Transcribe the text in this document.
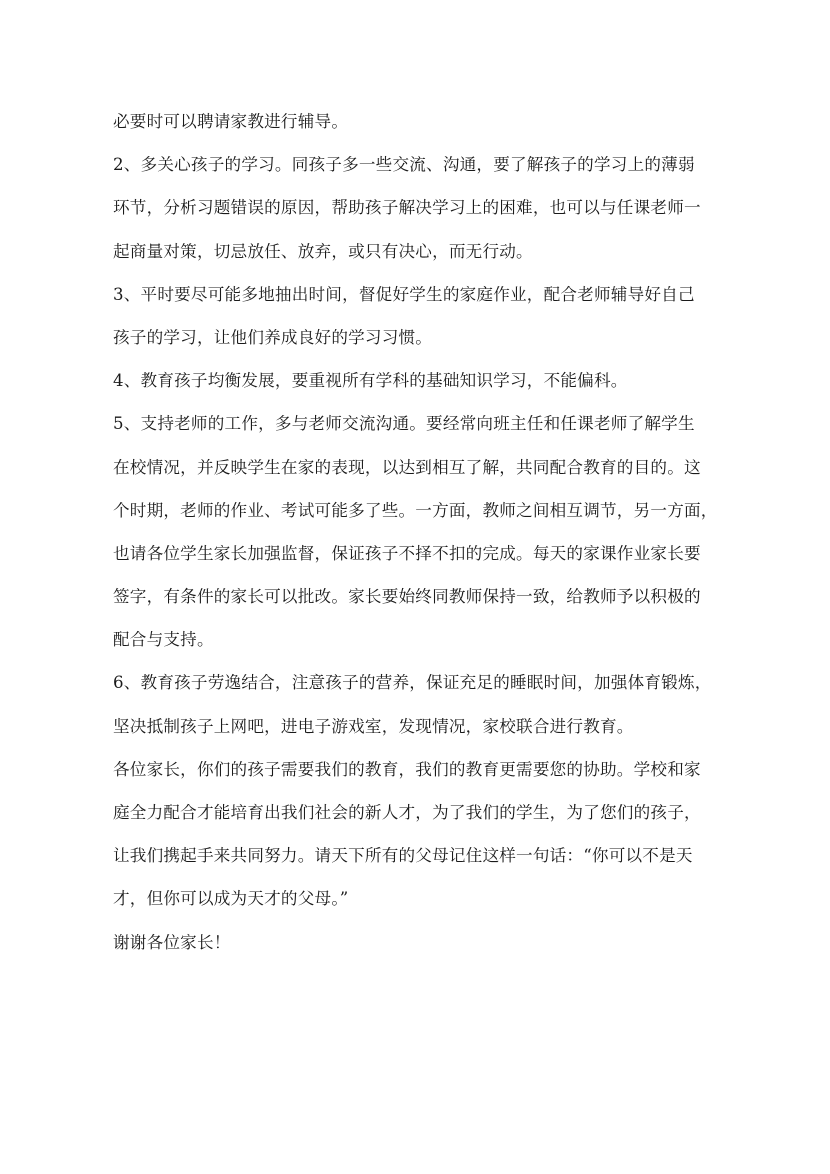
必要时可以聘请家教进行辅导。
2、多关心孩子的学习。同孩子多一些交流、沟通，要了解孩子的学习上的薄弱
环节，分析习题错误的原因，帮助孩子解决学习上的困难，也可以与任课老师一
起商量对策，切忌放任、放弃，或只有决心，而无行动。
3、平时要尽可能多地抽出时间，督促好学生的家庭作业，配合老师辅导好自己
孩子的学习，让他们养成良好的学习习惯。
4、教育孩子均衡发展，要重视所有学科的基础知识学习，不能偏科。
5、支持老师的工作，多与老师交流沟通。要经常向班主任和任课老师了解学生
在校情况，并反映学生在家的表现，以达到相互了解，共同配合教育的目的。这
个时期，老师的作业、考试可能多了些。一方面，教师之间相互调节，另一方面，
也请各位学生家长加强监督，保证孩子不择不扣的完成。每天的家课作业家长要
签字，有条件的家长可以批改。家长要始终同教师保持一致，给教师予以积极的
配合与支持。
6、教育孩子劳逸结合，注意孩子的营养，保证充足的睡眠时间，加强体育锻炼，
坚决抵制孩子上网吧，进电子游戏室，发现情况，家校联合进行教育。
各位家长，你们的孩子需要我们的教育，我们的教育更需要您的协助。学校和家
庭全力配合才能培育出我们社会的新人才，为了我们的学生，为了您们的孩子，
让我们携起手来共同努力。请天下所有的父母记住这样一句话：“你可以不是天
才，但你可以成为天才的父母。”
谢谢各位家长！
